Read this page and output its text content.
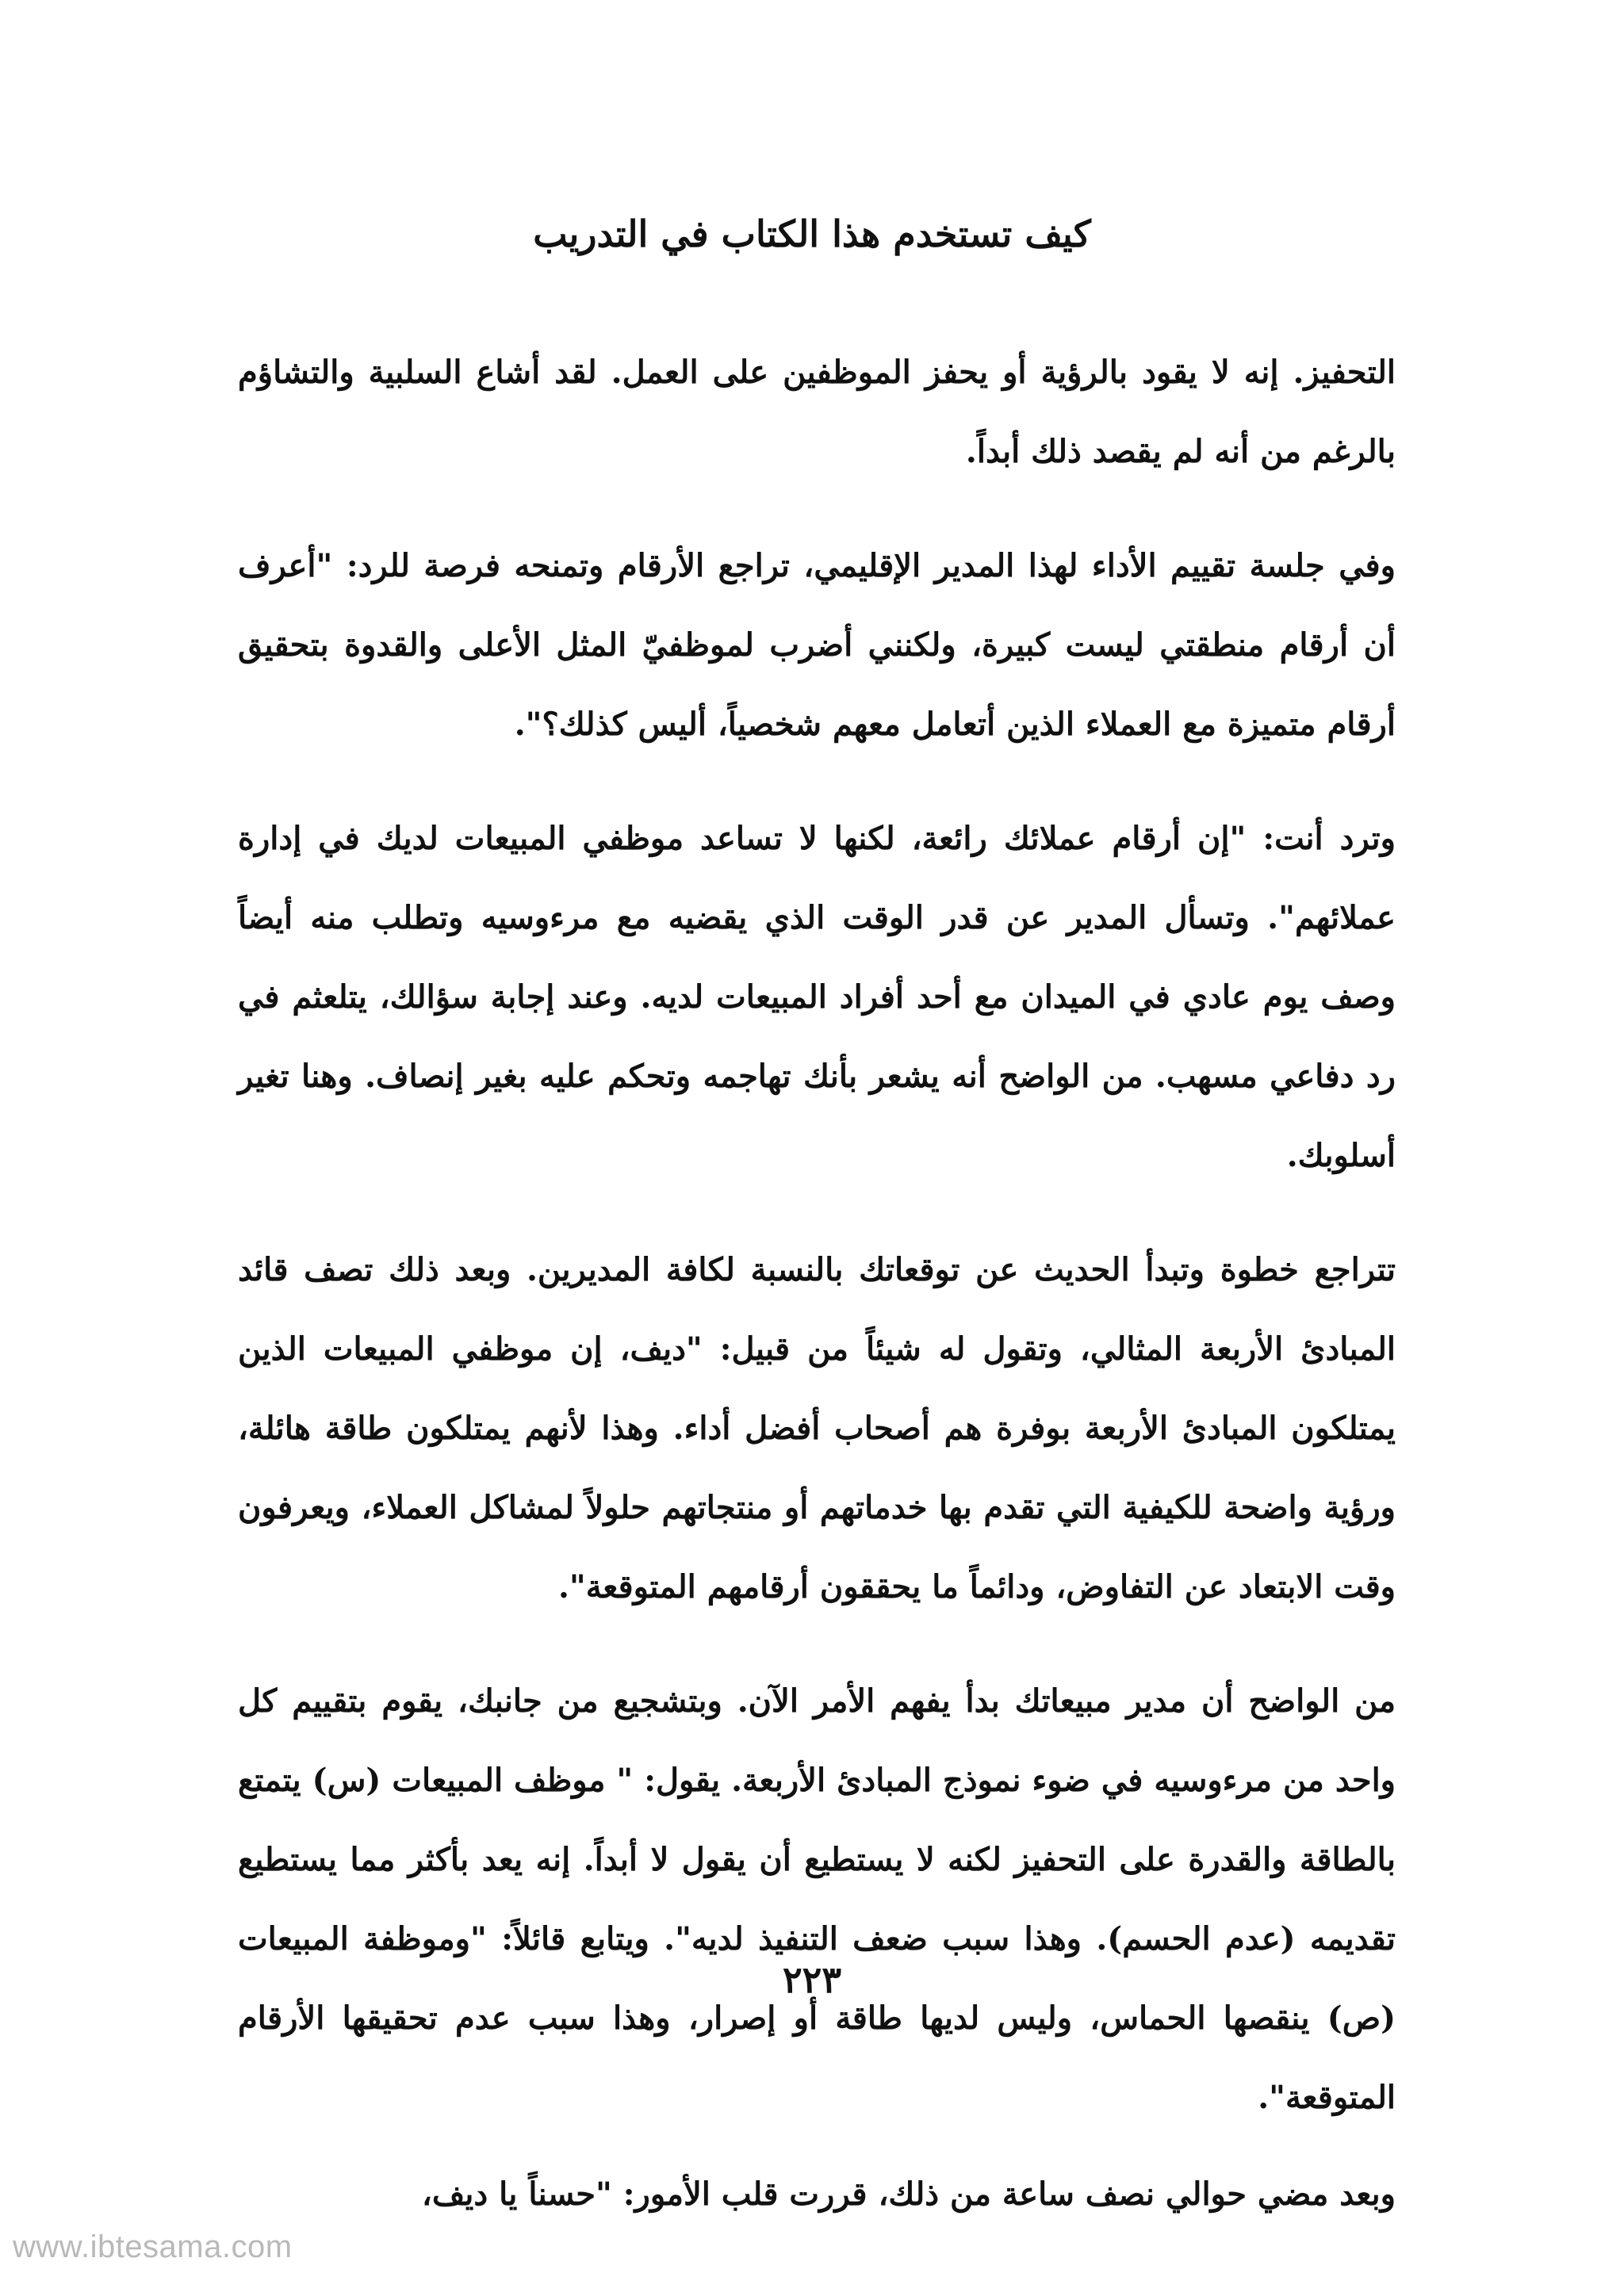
كيف تستخدم هذا الكتاب في التدريب

التحفيز. إنه لا يقود بالرؤية أو يحفز الموظفين على العمل. لقد أشاع السلبية والتشاؤم بالرغم من أنه لم يقصد ذلك أبداً.

وفي جلسة تقييم الأداء لهذا المدير الإقليمي، تراجع الأرقام وتمنحه فرصة للرد: "أعرف أن أرقام منطقتي ليست كبيرة، ولكنني أضرب لموظفيّ المثل الأعلى والقدوة بتحقيق أرقام متميزة مع العملاء الذين أتعامل معهم شخصياً، أليس كذلك؟".

وترد أنت: "إن أرقام عملائك رائعة، لكنها لا تساعد موظفي المبيعات لديك في إدارة عملائهم". وتسأل المدير عن قدر الوقت الذي يقضيه مع مرءوسيه وتطلب منه أيضاً وصف يوم عادي في الميدان مع أحد أفراد المبيعات لديه. وعند إجابة سؤالك، يتلعثم في رد دفاعي مسهب. من الواضح أنه يشعر بأنك تهاجمه وتحكم عليه بغير إنصاف. وهنا تغير أسلوبك.

تتراجع خطوة وتبدأ الحديث عن توقعاتك بالنسبة لكافة المديرين. وبعد ذلك تصف قائد المبادئ الأربعة المثالي، وتقول له شيئاً من قبيل: "ديف، إن موظفي المبيعات الذين يمتلكون المبادئ الأربعة بوفرة هم أصحاب أفضل أداء. وهذا لأنهم يمتلكون طاقة هائلة، ورؤية واضحة للكيفية التي تقدم بها خدماتهم أو منتجاتهم حلولاً لمشاكل العملاء، ويعرفون وقت الابتعاد عن التفاوض، ودائماً ما يحققون أرقامهم المتوقعة".

من الواضح أن مدير مبيعاتك بدأ يفهم الأمر الآن. وبتشجيع من جانبك، يقوم بتقييم كل واحد من مرءوسيه في ضوء نموذج المبادئ الأربعة. يقول: " موظف المبيعات (س) يتمتع بالطاقة والقدرة على التحفيز لكنه لا يستطيع أن يقول لا أبداً. إنه يعد بأكثر مما يستطيع تقديمه (عدم الحسم). وهذا سبب ضعف التنفيذ لديه". ويتابع قائلاً: "وموظفة المبيعات (ص) ينقصها الحماس، وليس لديها طاقة أو إصرار، وهذا سبب عدم تحقيقها الأرقام المتوقعة".

وبعد مضي حوالي نصف ساعة من ذلك، قررت قلب الأمور: "حسناً يا ديف،

٢٢٣
www.ibtesama.com
